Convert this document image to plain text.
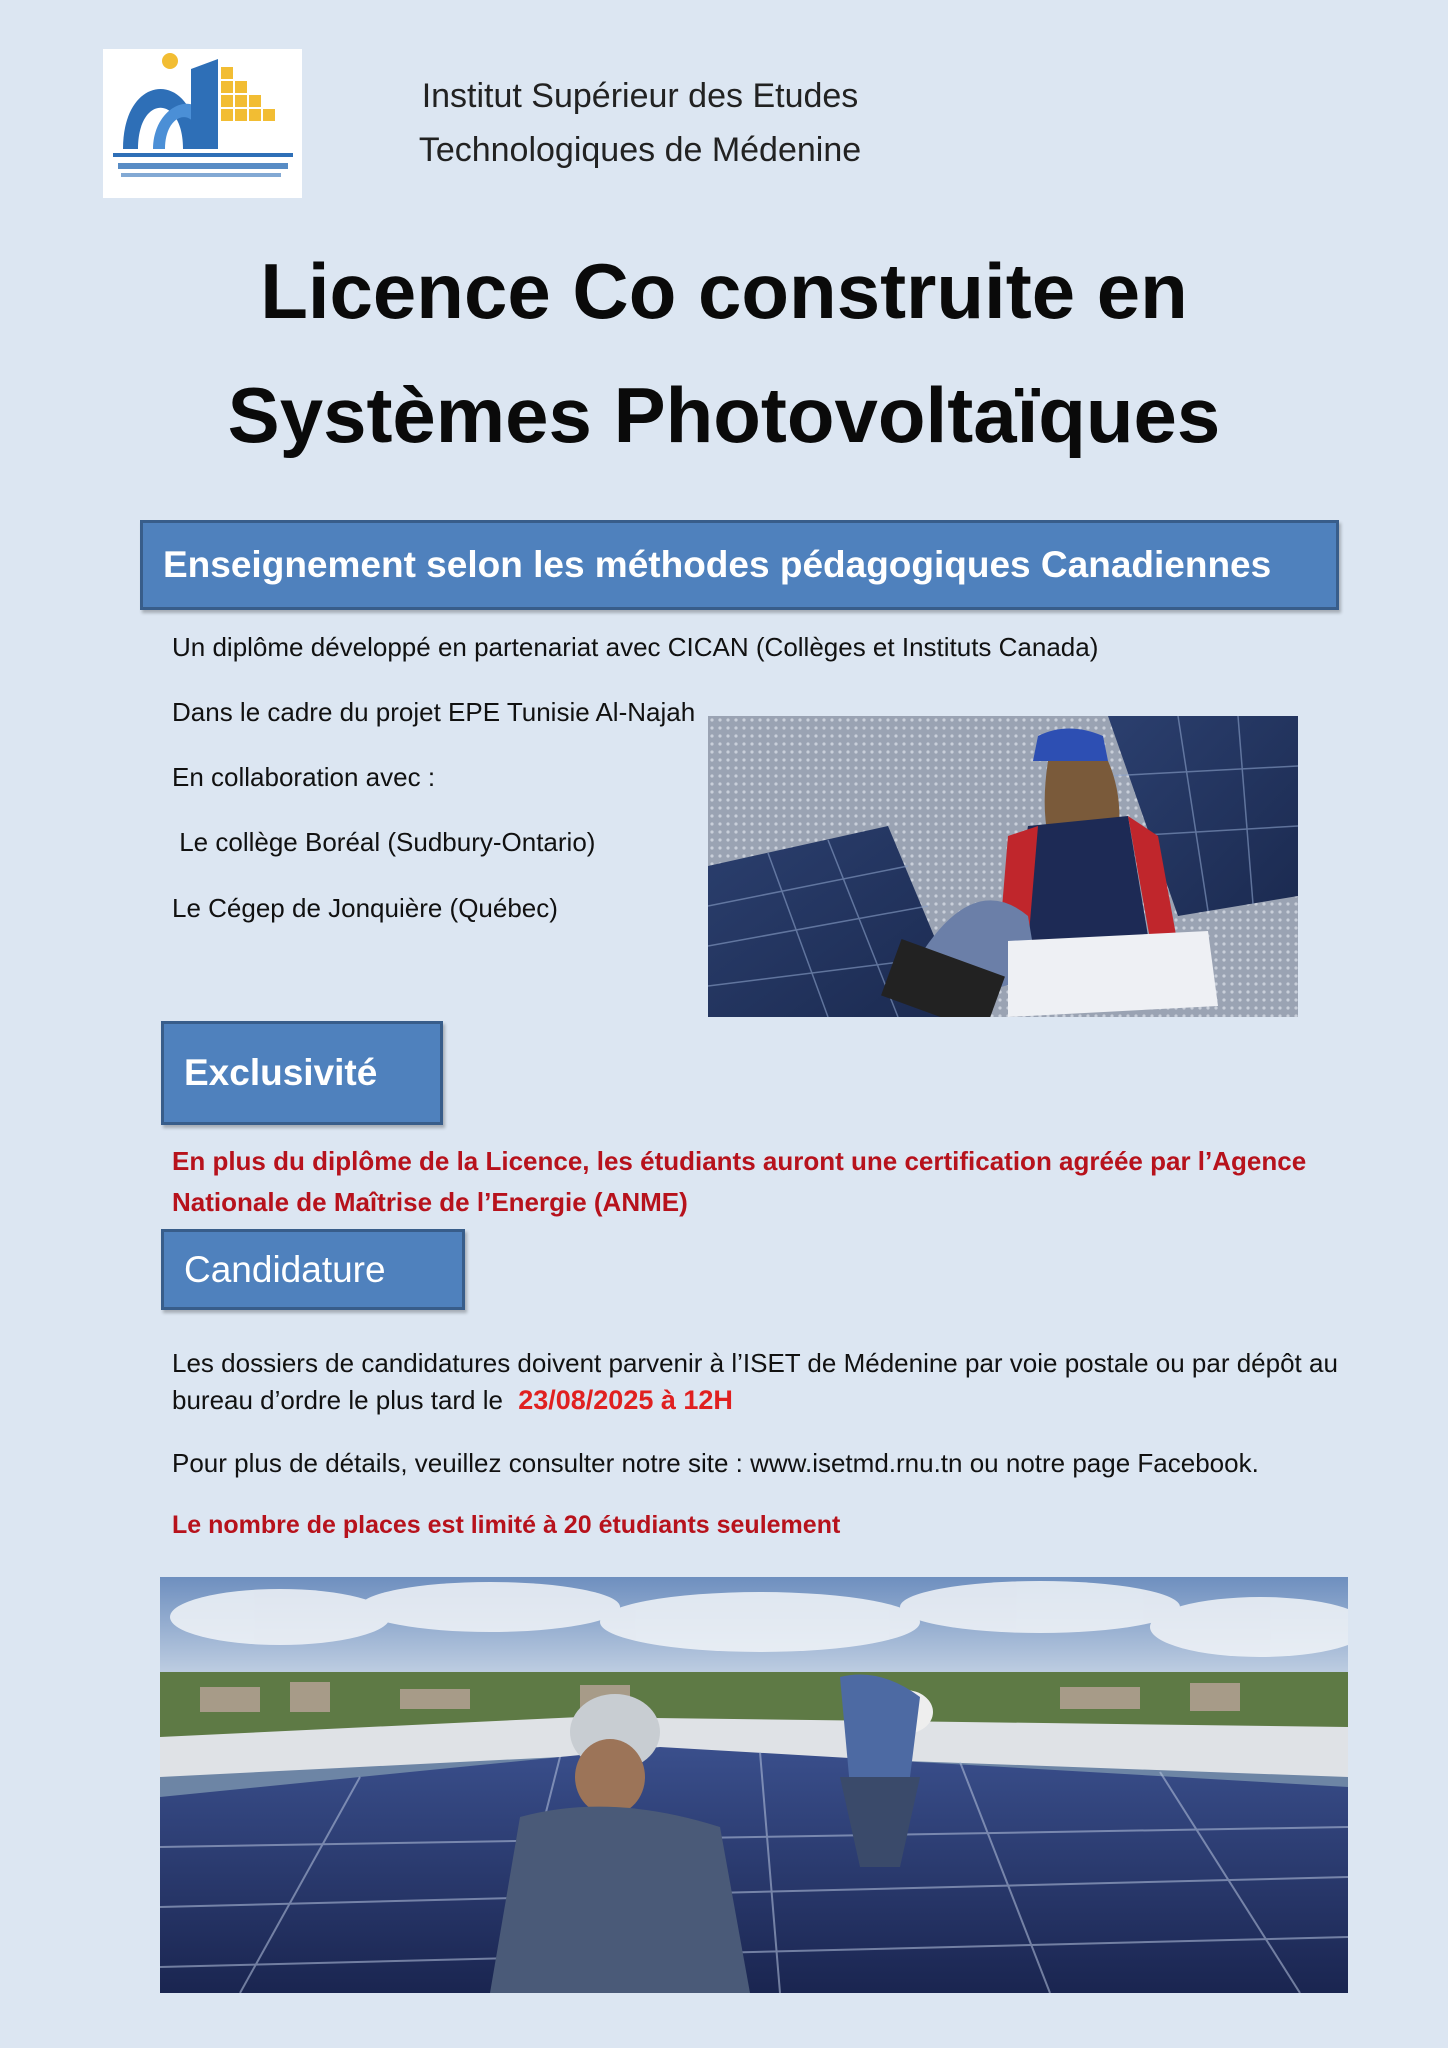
Institut Supérieur des Etudes
Technologiques de Médenine
Licence Co construite en
Systèmes Photovoltaïques
Enseignement selon les méthodes pédagogiques Canadiennes
Un diplôme développé en partenariat avec CICAN (Collèges et Instituts Canada)
Dans le cadre du projet EPE Tunisie Al-Najah
En collaboration avec :
Le collège Boréal (Sudbury-Ontario)
Le Cégep de Jonquière (Québec)
Exclusivité
En plus du diplôme de la Licence, les étudiants auront une certification agréée par l’Agence
Nationale de Maîtrise de l’Energie (ANME)
Candidature
Les dossiers de candidatures doivent parvenir à l’ISET de Médenine par voie postale ou par dépôt au
bureau d’ordre le plus tard le 23/08/2025 à 12H
Pour plus de détails, veuillez consulter notre site : www.isetmd.rnu.tn ou notre page Facebook.
Le nombre de places est limité à 20 étudiants seulement
